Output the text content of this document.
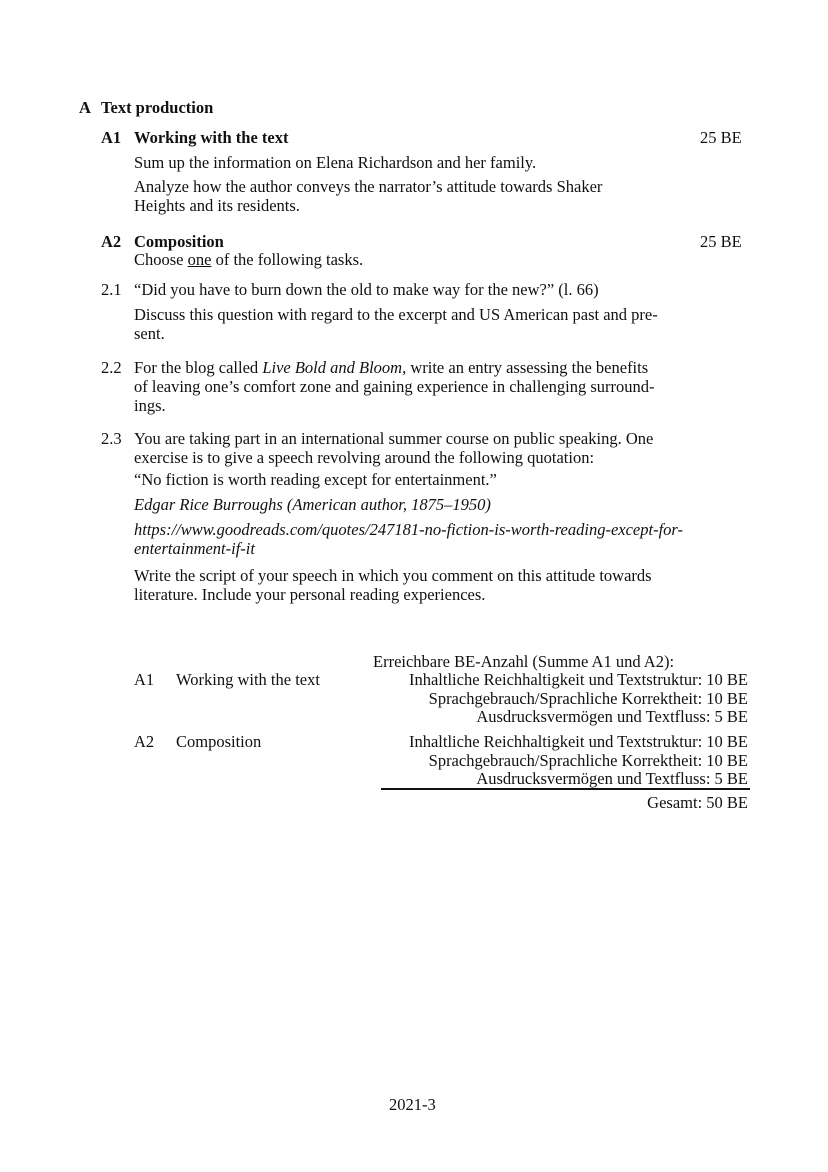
A Text production
A1 Working with the text	25 BE
Sum up the information on Elena Richardson and her family.
Analyze how the author conveys the narrator’s attitude towards Shaker
Heights and its residents.
A2 Composition	25 BE
Choose one of the following tasks.
2.1 “Did you have to burn down the old to make way for the new?” (l. 66)
Discuss this question with regard to the excerpt and US American past and pre-
sent.
2.2 For the blog called Live Bold and Bloom, write an entry assessing the benefits
of leaving one’s comfort zone and gaining experience in challenging surround-
ings.
2.3 You are taking part in an international summer course on public speaking. One
exercise is to give a speech revolving around the following quotation:
“No fiction is worth reading except for entertainment.”
Edgar Rice Burroughs (American author, 1875–1950)
https://www.goodreads.com/quotes/247181-no-fiction-is-worth-reading-except-for-
entertainment-if-it
Write the script of your speech in which you comment on this attitude towards
literature. Include your personal reading experiences.
Erreichbare BE-Anzahl (Summe A1 und A2):
A1 Working with the text	Inhaltliche Reichhaltigkeit und Textstruktur: 10 BE
Sprachgebrauch/Sprachliche Korrektheit: 10 BE
Ausdrucksvermögen und Textfluss: 5 BE
A2 Composition	Inhaltliche Reichhaltigkeit und Textstruktur: 10 BE
Sprachgebrauch/Sprachliche Korrektheit: 10 BE
Ausdrucksvermögen und Textfluss: 5 BE
Gesamt: 50 BE
2021-3
